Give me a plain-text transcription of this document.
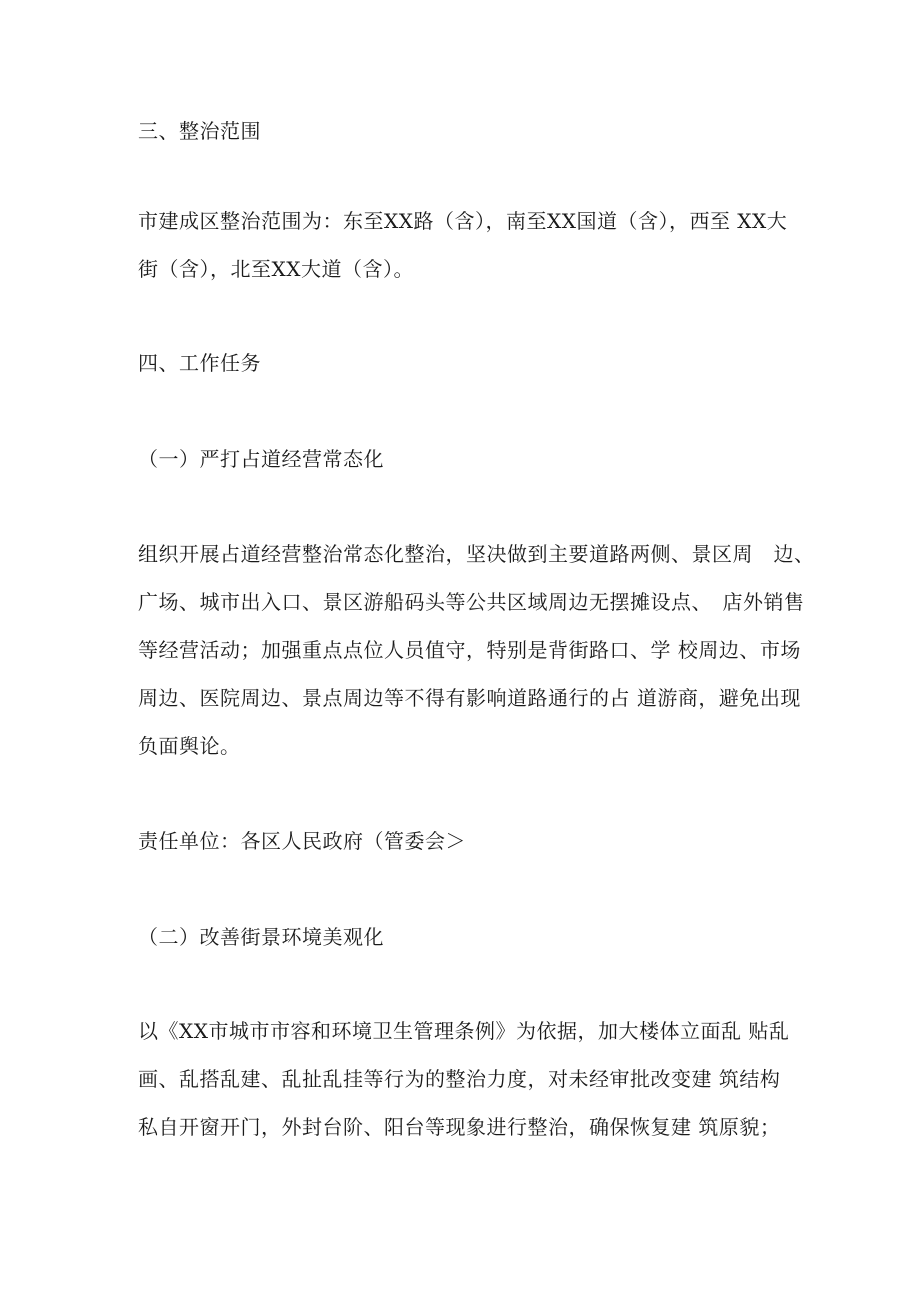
三、整治范围
市建成区整治范围为：东至XX路（含），南至XX国道（含），西至 XX大
街（含），北至XX大道（含）。
四、工作任务
（一）严打占道经营常态化
组织开展占道经营整治常态化整治，坚决做到主要道路两侧、景区周　边、
广场、城市出入口、景区游船码头等公共区域周边无摆摊设点、　店外销售
等经营活动；加强重点点位人员值守，特别是背街路口、学 校周边、市场
周边、医院周边、景点周边等不得有影响道路通行的占 道游商，避免出现
负面舆论。
责任单位：各区人民政府（管委会＞
（二）改善街景环境美观化
以《XX市城市市容和环境卫生管理条例》为依据，加大楼体立面乱 贴乱
画、乱搭乱建、乱扯乱挂等行为的整治力度，对未经审批改变建 筑结构
私自开窗开门，外封台阶、阳台等现象进行整治，确保恢复建 筑原貌；
